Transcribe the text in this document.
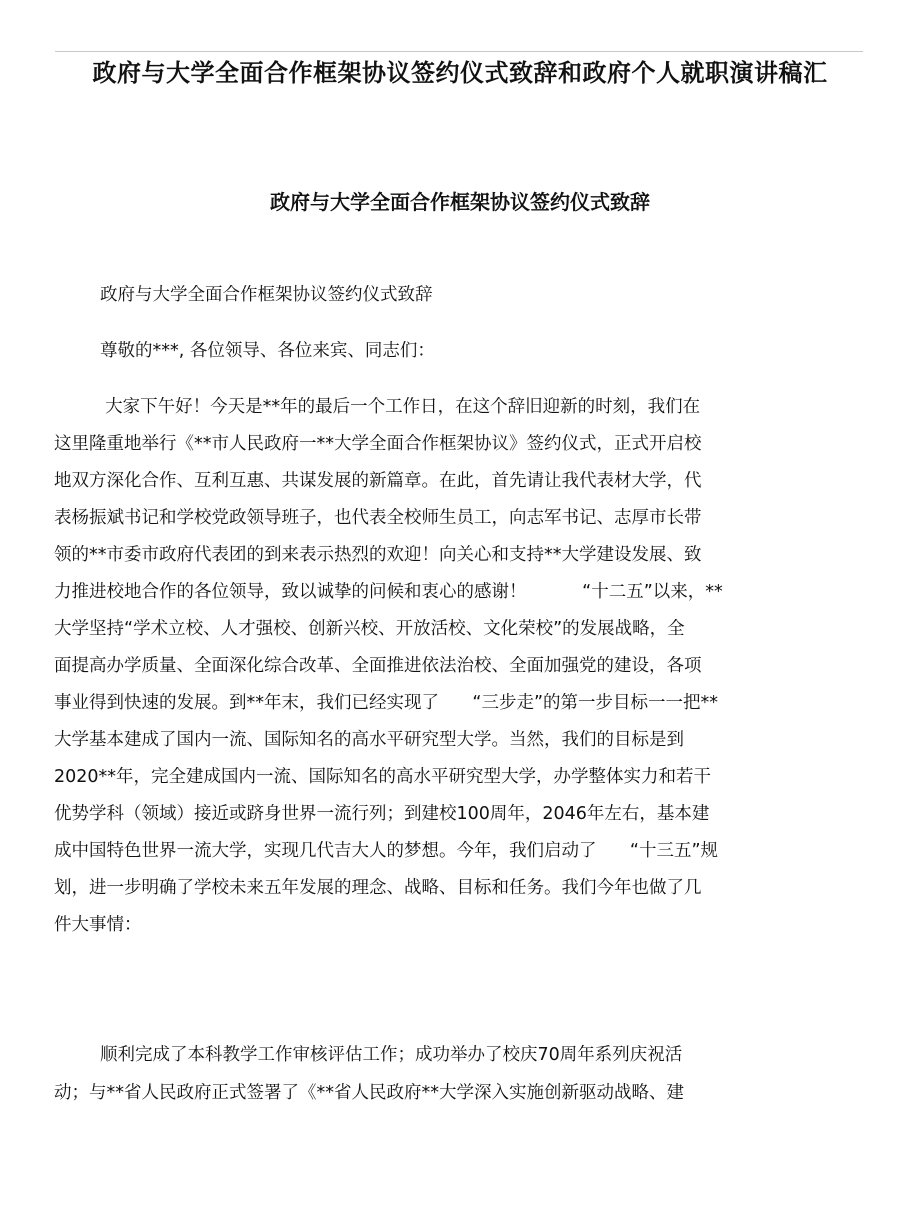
政府与大学全面合作框架协议签约仪式致辞和政府个人就职演讲稿汇
政府与大学全面合作框架协议签约仪式致辞

政府与大学全面合作框架协议签约仪式致辞

尊敬的***, 各位领导、各位来宾、同志们：

大家下午好！今天是**年的最后一个工作日，在这个辞旧迎新的时刻，我们在

这里隆重地举行《**市人民政府一**大学全面合作框架协议》签约仪式，正式开启校

地双方深化合作、互利互惠、共谋发展的新篇章。在此，首先请让我代表材大学，代

表杨振斌书记和学校党政领导班子，也代表全校师生员工，向志军书记、志厚市长带

领的**市委市政府代表团的到来表示热烈的欢迎！向关心和支持**大学建设发展、致

力推进校地合作的各位领导，致以诚挚的问候和衷心的感谢！          “十二五”以来，**

大学坚持“学术立校、人才强校、创新兴校、开放活校、文化荣校”的发展战略，全

面提高办学质量、全面深化综合改革、全面推进依法治校、全面加强党的建设，各项

事业得到快速的发展。到**年末，我们已经实现了      “三步走”的第一步目标一一把**

大学基本建成了国内一流、国际知名的高水平研究型大学。当然，我们的目标是到

2020**年，完全建成国内一流、国际知名的高水平研究型大学，办学整体实力和若干

优势学科（领域）接近或跻身世界一流行列；到建校100周年，2046年左右，基本建

成中国特色世界一流大学，实现几代吉大人的梦想。今年，我们启动了      “十三五”规

划，进一步明确了学校未来五年发展的理念、战略、目标和任务。我们今年也做了几

件大事情：

顺利完成了本科教学工作审核评估工作；成功举办了校庆70周年系列庆祝活

动；与**省人民政府正式签署了《**省人民政府**大学深入实施创新驱动战略、建
